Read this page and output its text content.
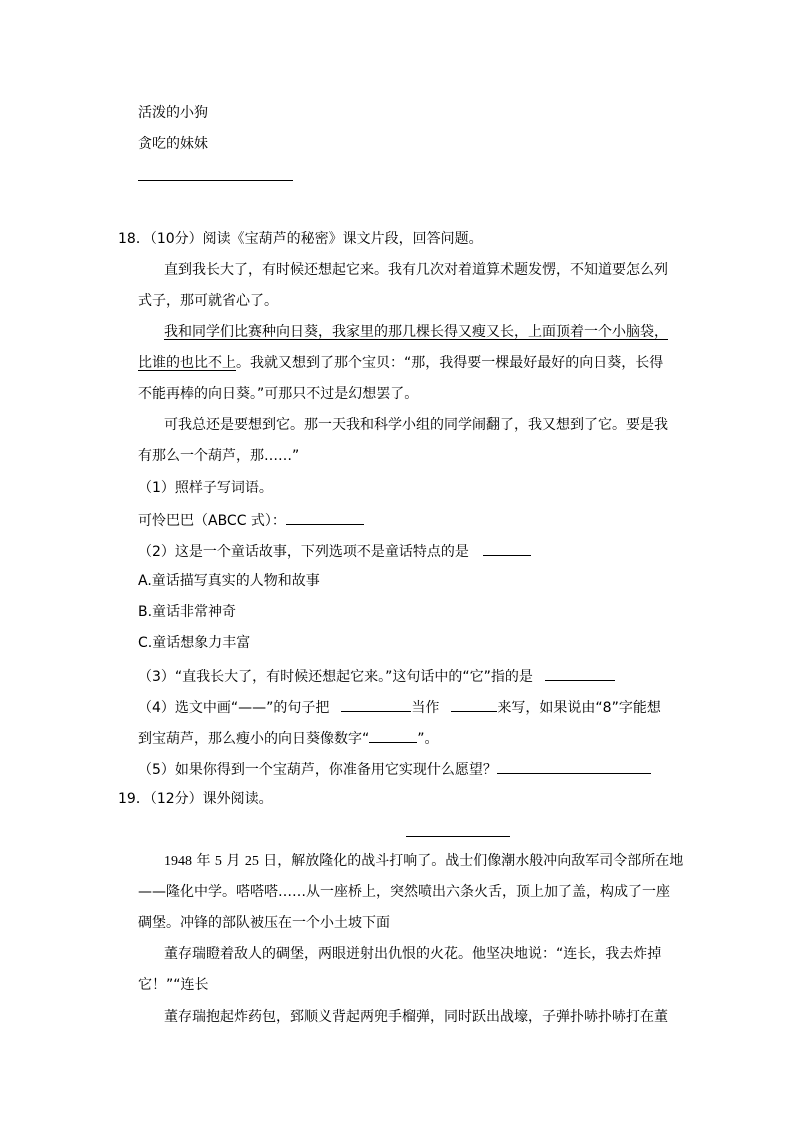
活泼的小狗
贪吃的妹妹
18．（10分）阅读《宝葫芦的秘密》课文片段，回答问题。
直到我长大了，有时候还想起它来。我有几次对着道算术题发愣，不知道要怎么列
式子，那可就省心了。
我和同学们比赛种向日葵，我家里的那几棵长得又瘦又长，上面顶着一个小脑袋，
比谁的也比不上。我就又想到了那个宝贝：“那，我得要一棵最好最好的向日葵，长得
不能再棒的向日葵。”可那只不过是幻想罢了。
可我总还是要想到它。那一天我和科学小组的同学闹翻了，我又想到了它。要是我
有那么一个葫芦，那……”
（1）照样子写词语。
可怜巴巴（ABCC 式）：
（2）这是一个童话故事，下列选项不是童话特点的是
A.童话描写真实的人物和故事
B.童话非常神奇
C.童话想象力丰富
（3）“直我长大了，有时候还想起它来。”这句话中的“它”指的是
（4）选文中画“——”的句子把	当作	来写，如果说由“8”字能想
到宝葫芦，那么瘦小的向日葵像数字“	”。
（5）如果你得到一个宝葫芦，你准备用它实现什么愿望？
19．（12分）课外阅读。
1948 年 5 月 25 日，解放隆化的战斗打响了。战士们像潮水般冲向敌军司令部所在地
——隆化中学。嗒嗒嗒……从一座桥上，突然喷出六条火舌，顶上加了盖，构成了一座
碉堡。冲锋的部队被压在一个小土坡下面
董存瑞瞪着敌人的碉堡，两眼迸射出仇恨的火花。他坚决地说：“连长，我去炸掉
它！”“连长
董存瑞抱起炸药包，郅顺义背起两兜手榴弹，同时跃出战壕，子弹扑哧扑哧打在董
